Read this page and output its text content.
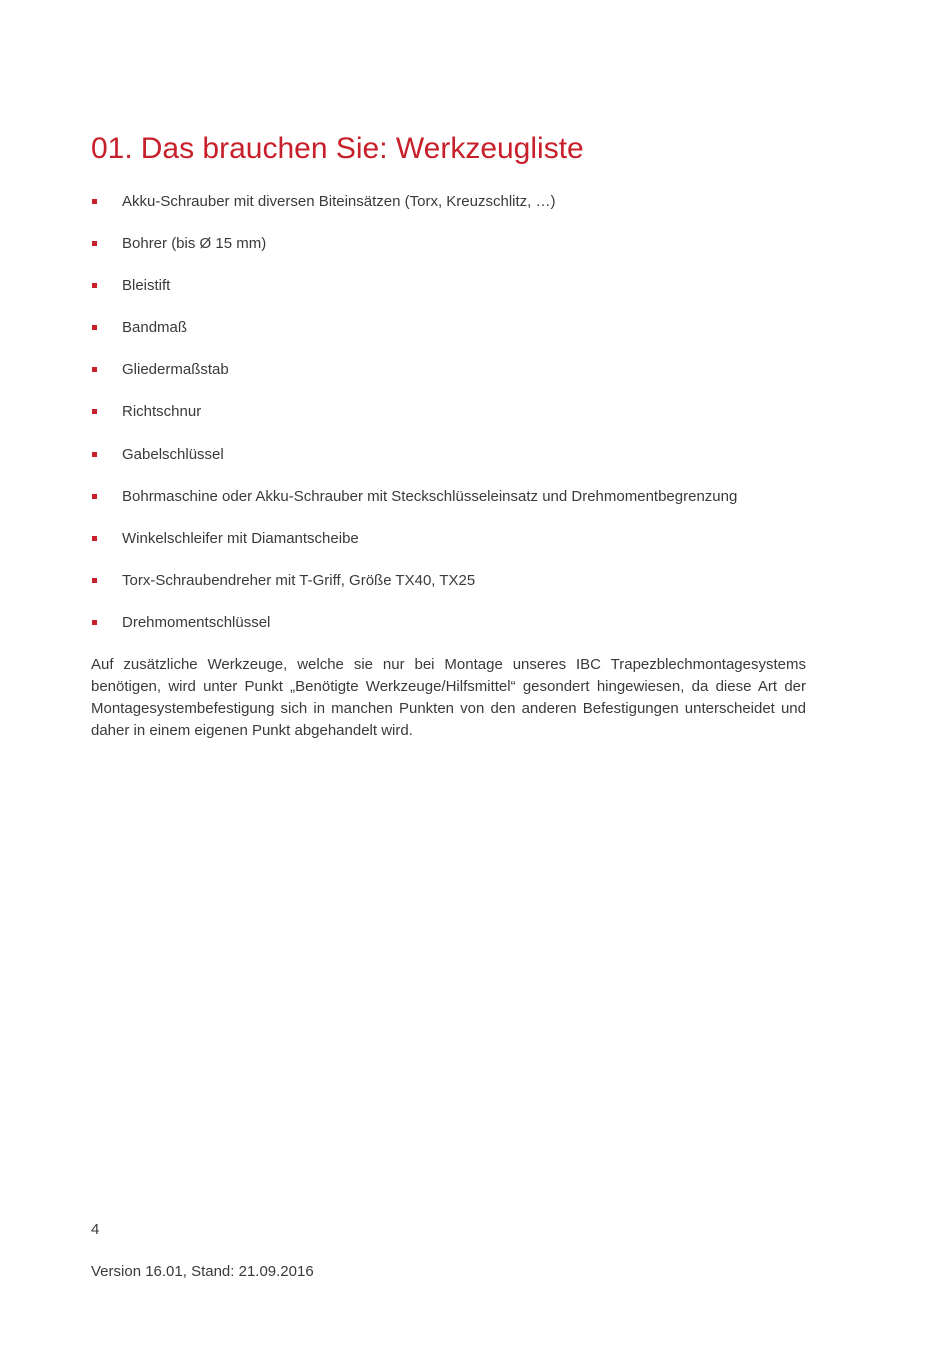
01. Das brauchen Sie: Werkzeugliste
Akku-Schrauber mit diversen Biteinsätzen (Torx, Kreuzschlitz, …)
Bohrer (bis Ø 15 mm)
Bleistift
Bandmaß
Gliedermaßstab
Richtschnur
Gabelschlüssel
Bohrmaschine oder Akku-Schrauber mit Steckschlüsseleinsatz und Drehmomentbegrenzung
Winkelschleifer mit Diamantscheibe
Torx-Schraubendreher mit T-Griff, Größe TX40, TX25
Drehmomentschlüssel

Auf zusätzliche Werkzeuge, welche sie nur bei Montage unseres IBC Trapezblechmontagesystems benötigen, wird unter Punkt „Benötigte Werkzeuge/Hilfsmittel“ gesondert hingewiesen, da diese Art der Montagesystembefestigung sich in manchen Punkten von den anderen Befestigungen unterscheidet und daher in einem eigenen Punkt abgehandelt wird.

4
Version 16.01, Stand: 21.09.2016
